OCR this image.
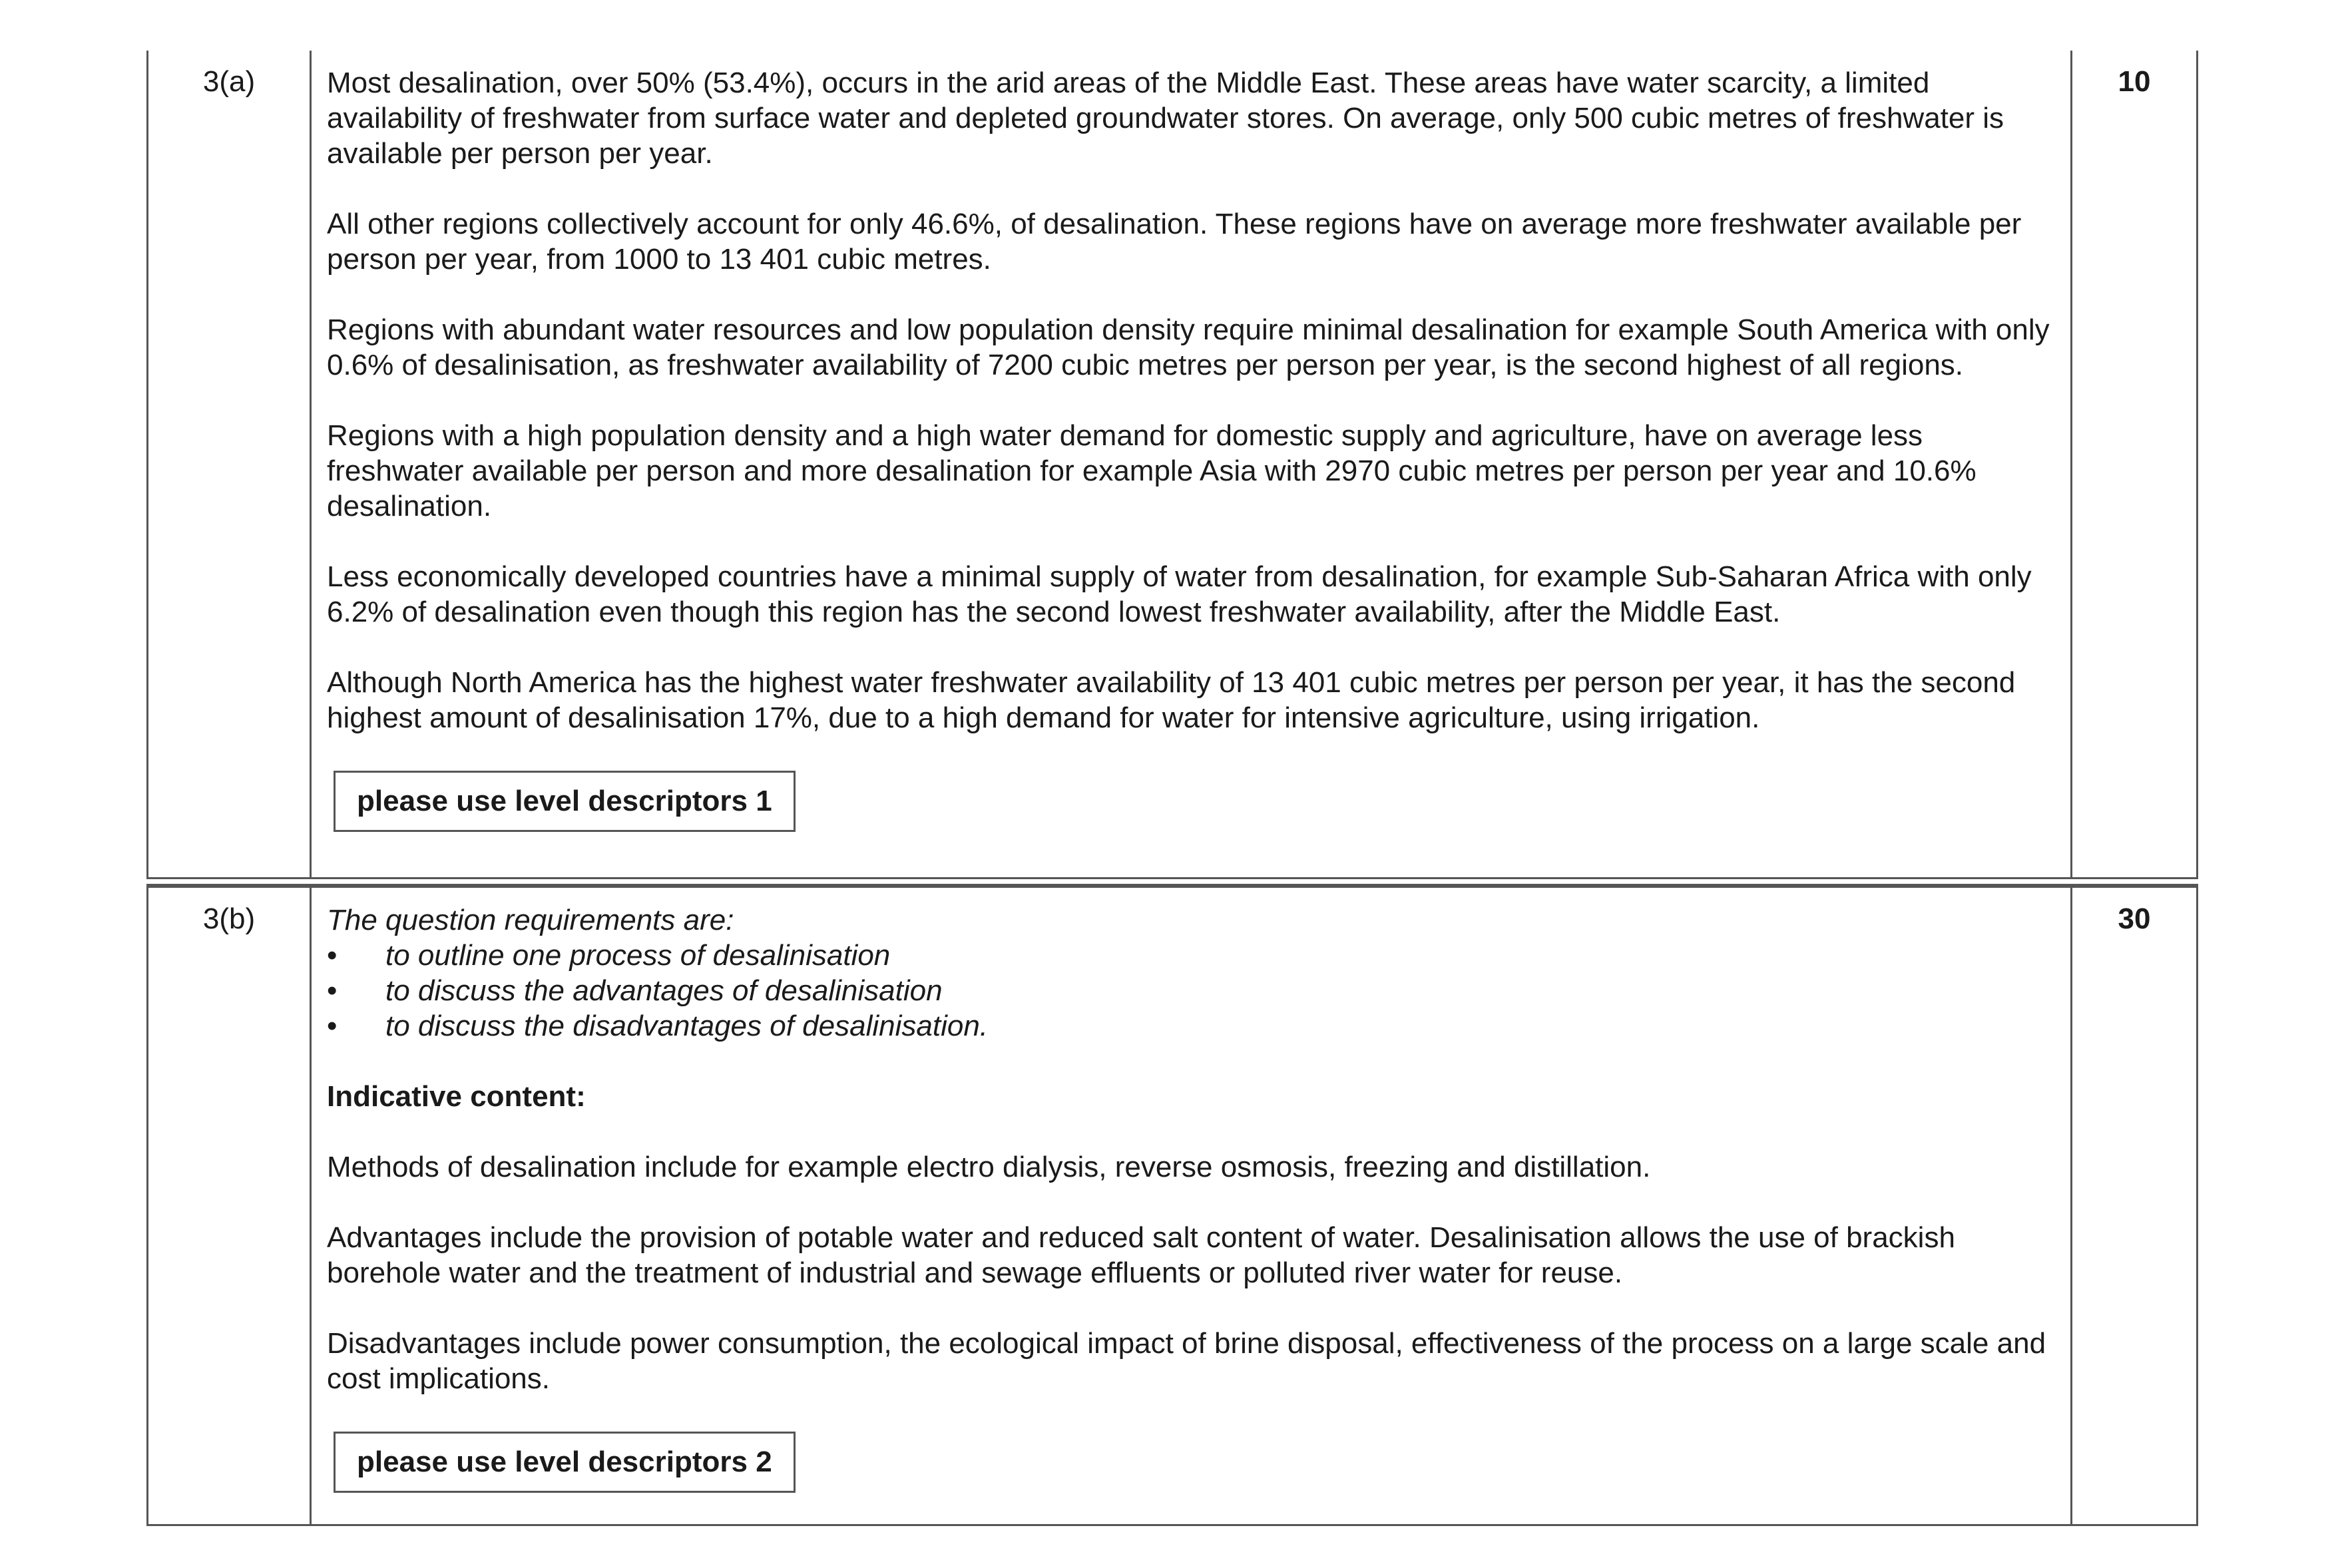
3(a)	Most desalination, over 50% (53.4%), occurs in the arid areas of the Middle East. These areas have water scarcity, a limited availability of freshwater from surface water and depleted groundwater stores. On average, only 500 cubic metres of freshwater is available per person per year.

All other regions collectively account for only 46.6%, of desalination. These regions have on average more freshwater available per person per year, from 1000 to 13 401 cubic metres.

Regions with abundant water resources and low population density require minimal desalination for example South America with only 0.6% of desalinisation, as freshwater availability of 7200 cubic metres per person per year, is the second highest of all regions.

Regions with a high population density and a high water demand for domestic supply and agriculture, have on average less freshwater available per person and more desalination for example Asia with 2970 cubic metres per person per year and 10.6% desalination.

Less economically developed countries have a minimal supply of water from desalination, for example Sub-Saharan Africa with only 6.2% of desalination even though this region has the second lowest freshwater availability, after the Middle East.

Although North America has the highest water freshwater availability of 13 401 cubic metres per person per year, it has the second highest amount of desalinisation 17%, due to a high demand for water for intensive agriculture, using irrigation.

please use level descriptors 1
10
3(b)	The question requirements are:

• to outline one process of desalinisation
• to discuss the advantages of desalinisation
• to discuss the disadvantages of desalinisation.

Indicative content:

Methods of desalination include for example electro dialysis, reverse osmosis, freezing and distillation.

Advantages include the provision of potable water and reduced salt content of water. Desalinisation allows the use of brackish borehole water and the treatment of industrial and sewage effluents or polluted river water for reuse.

Disadvantages include power consumption, the ecological impact of brine disposal, effectiveness of the process on a large scale and cost implications.

please use level descriptors 2
30
